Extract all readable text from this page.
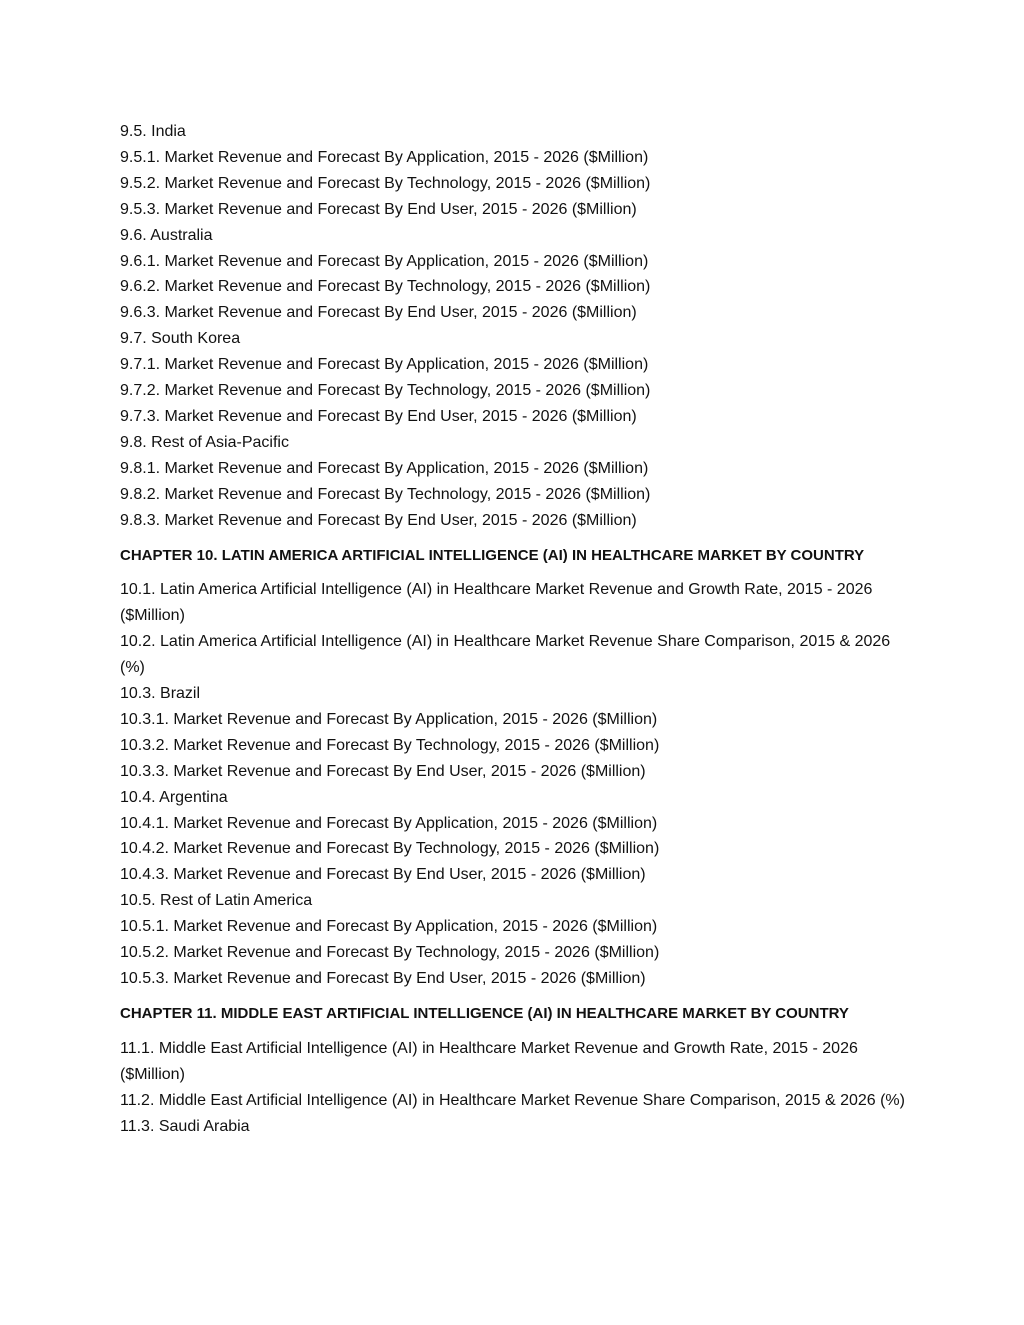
9.5. India
9.5.1. Market Revenue and Forecast By Application, 2015 - 2026 ($Million)
9.5.2. Market Revenue and Forecast By Technology, 2015 - 2026 ($Million)
9.5.3. Market Revenue and Forecast By End User, 2015 - 2026 ($Million)
9.6. Australia
9.6.1. Market Revenue and Forecast By Application, 2015 - 2026 ($Million)
9.6.2. Market Revenue and Forecast By Technology, 2015 - 2026 ($Million)
9.6.3. Market Revenue and Forecast By End User, 2015 - 2026 ($Million)
9.7. South Korea
9.7.1. Market Revenue and Forecast By Application, 2015 - 2026 ($Million)
9.7.2. Market Revenue and Forecast By Technology, 2015 - 2026 ($Million)
9.7.3. Market Revenue and Forecast By End User, 2015 - 2026 ($Million)
9.8. Rest of Asia-Pacific
9.8.1. Market Revenue and Forecast By Application, 2015 - 2026 ($Million)
9.8.2. Market Revenue and Forecast By Technology, 2015 - 2026 ($Million)
9.8.3. Market Revenue and Forecast By End User, 2015 - 2026 ($Million)
CHAPTER 10. LATIN AMERICA ARTIFICIAL INTELLIGENCE (AI) IN HEALTHCARE MARKET BY COUNTRY
10.1. Latin America Artificial Intelligence (AI) in Healthcare Market Revenue and Growth Rate, 2015 - 2026 ($Million)
10.2. Latin America Artificial Intelligence (AI) in Healthcare Market Revenue Share Comparison, 2015 & 2026 (%)
10.3. Brazil
10.3.1. Market Revenue and Forecast By Application, 2015 - 2026 ($Million)
10.3.2. Market Revenue and Forecast By Technology, 2015 - 2026 ($Million)
10.3.3. Market Revenue and Forecast By End User, 2015 - 2026 ($Million)
10.4. Argentina
10.4.1. Market Revenue and Forecast By Application, 2015 - 2026 ($Million)
10.4.2. Market Revenue and Forecast By Technology, 2015 - 2026 ($Million)
10.4.3. Market Revenue and Forecast By End User, 2015 - 2026 ($Million)
10.5. Rest of Latin America
10.5.1. Market Revenue and Forecast By Application, 2015 - 2026 ($Million)
10.5.2. Market Revenue and Forecast By Technology, 2015 - 2026 ($Million)
10.5.3. Market Revenue and Forecast By End User, 2015 - 2026 ($Million)
CHAPTER 11. MIDDLE EAST ARTIFICIAL INTELLIGENCE (AI) IN HEALTHCARE MARKET BY COUNTRY
11.1. Middle East Artificial Intelligence (AI) in Healthcare Market Revenue and Growth Rate, 2015 - 2026 ($Million)
11.2. Middle East Artificial Intelligence (AI) in Healthcare Market Revenue Share Comparison, 2015 & 2026 (%)
11.3. Saudi Arabia
